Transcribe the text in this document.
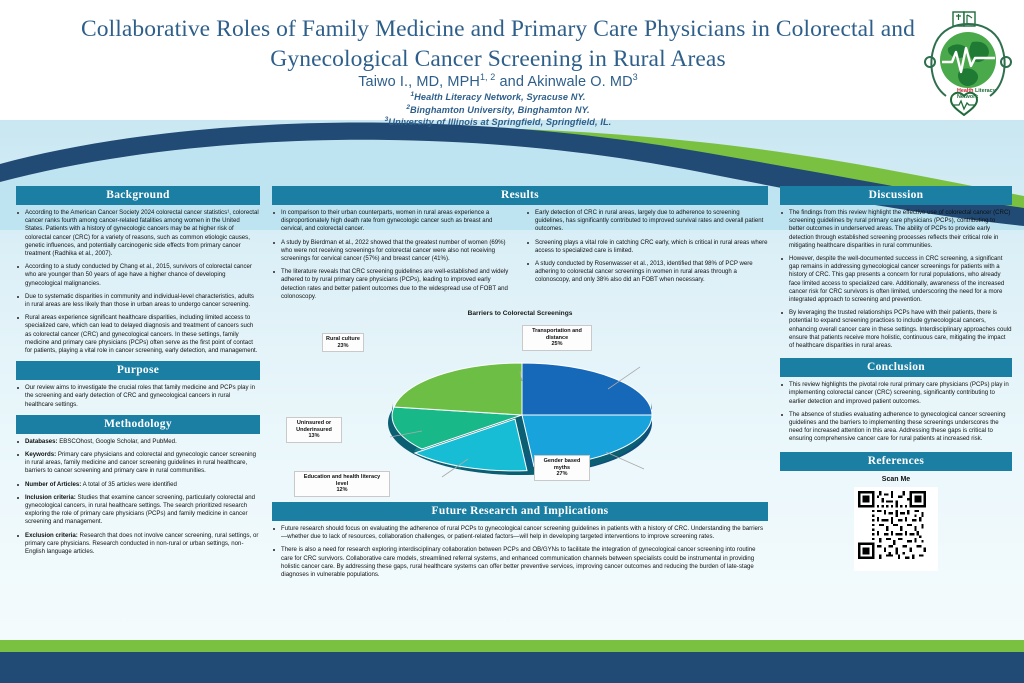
Collaborative Roles of Family Medicine and Primary Care Physicians in Colorectal and Gynecological Cancer Screening in Rural Areas
Taiwo I., MD, MPH$^{1, 2}$ and Akinwale O. $MD^3$
$^1$Health Literacy Network, Syracuse NY.
$^2$Binghamton University, Binghamton NY.
$^3$University of Illinois at Springfield, Springfield, IL.
Health Literacy
Network
Background
According to the American Cancer Society 2024 colorectal cancer statistics¹, colorectal cancer ranks fourth among cancer-related fatalities among women in the United States. Patients with a history of gynecologic cancers may be at higher risk of colorectal cancer (CRC) for a variety of reasons, such as common etiologic causes, genetic influences, and potentially carcinogenic side effects from primary cancer treatment (Radhika et al., 2007).
According to a study conducted by Chang et al., 2015, survivors of colorectal cancer who are younger than 50 years of age have a higher chance of developing gynecological malignancies.
Due to systematic disparities in community and individual-level characteristics, adults in rural areas are less likely than those in urban areas to undergo cancer screening.
Rural areas experience significant healthcare disparities, including limited access to specialized care, which can lead to delayed diagnosis and treatment of cancers such as colorectal cancer (CRC) and gynecological cancers. In these settings, family medicine and primary care physicians (PCPs) often serve as the first point of contact for patients, playing a vital role in cancer screening, early detection, and management.
Purpose
Our review aims to investigate the crucial roles that family medicine and PCPs play in the screening and early detection of CRC and gynecological cancers in rural healthcare settings.
Methodology
Databases: EBSCOhost, Google Scholar, and PubMed.
Keywords: Primary care physicians and colorectal and gynecologic cancer screening in rural areas, family medicine and cancer screening guidelines in rural healthcare, barriers to cancer screening and primary care in rural communities.
Number of Articles: A total of 35 articles were identified
Inclusion criteria: Studies that examine cancer screening, particularly colorectal and gynecological cancers, in rural healthcare settings. The search prioritized research exploring the role of primary care physicians (PCPs) and family medicine in cancer screening and management.
Exclusion criteria: Research that does not involve cancer screening, rural settings, or primary care physicians. Research conducted in non-rural or urban settings, non-English language articles.
Results
In comparison to their urban counterparts, women in rural areas experience a disproportionately high death rate from gynecologic cancer such as breast and cervical, and colorectal cancer.
A study by Bierdman et al., 2022 showed that the greatest number of women (69%) who were not receiving screenings for colorectal cancer were also not receiving screenings for cervical cancer (57%) and breast cancer (41%).
The literature reveals that CRC screening guidelines are well-established and widely adhered to by rural primary care physicians (PCPs), leading to improved early detection rates and better patient outcomes due to the widespread use of FOBT and colonoscopy.
Early detection of CRC in rural areas, largely due to adherence to screening guidelines, has significantly contributed to improved survival rates and overall patient outcomes.
Screening plays a vital role in catching CRC early, which is critical in rural areas where access to specialized care is limited.
A study conducted by Rosenwasser et al., 2013, identified that 98% of PCP were adhering to colorectal cancer screenings in women in rural areas through a colonoscopy, and only 38% also did an FOBT when necessary.
Barriers to Colorectal Screenings
Transportation and distance
25%
Gender based myths
27%
Education and health literacy level
12%
Uninsured or Underinsured
13%
Rural culture
23%
Future Research and Implications
Future research should focus on evaluating the adherence of rural PCPs to gynecological cancer screening guidelines in patients with a history of CRC. Understanding the barriers—whether due to lack of resources, collaboration challenges, or patient-related factors—will help in developing targeted interventions to improve screening rates.
There is also a need for research exploring interdisciplinary collaboration between PCPs and OB/GYNs to facilitate the integration of gynecological cancer screening into routine care for CRC survivors. Collaborative care models, streamlined referral systems, and enhanced communication channels between specialists could be instrumental in providing holistic cancer care. By addressing these gaps, rural healthcare systems can offer better preventive services, improving cancer outcomes and reducing the burden of late-stage diagnoses in vulnerable populations.
Discussion
The findings from this review highlight the effective use of colorectal cancer (CRC) screening guidelines by rural primary care physicians (PCPs), contributing to better outcomes in underserved areas. The ability of PCPs to provide early detection through established screening processes reflects their critical role in mitigating healthcare disparities in rural communities.
However, despite the well-documented success in CRC screening, a significant gap remains in addressing gynecological cancer screenings for patients with a history of CRC. This gap presents a concern for rural populations, who already face limited access to specialized care. Additionally, awareness of the increased cancer risk for CRC survivors is often limited, underscoring the need for a more integrated approach to screening and prevention.
By leveraging the trusted relationships PCPs have with their patients, there is potential to expand screening practices to include gynecological cancers, enhancing overall cancer care in these settings. Interdisciplinary approaches could ensure that patients receive more holistic, continuous care, mitigating the impact of healthcare disparities in rural areas.
Conclusion
This review highlights the pivotal role rural primary care physicians (PCPs) play in implementing colorectal cancer (CRC) screening, significantly contributing to earlier detection and improved patient outcomes.
The absence of studies evaluating adherence to gynecological cancer screening guidelines and the barriers to implementing these screenings underscores the need for increased attention in this area. Addressing these gaps is critical to ensuring comprehensive cancer care for rural patients at increased risk.
References
Scan Me
